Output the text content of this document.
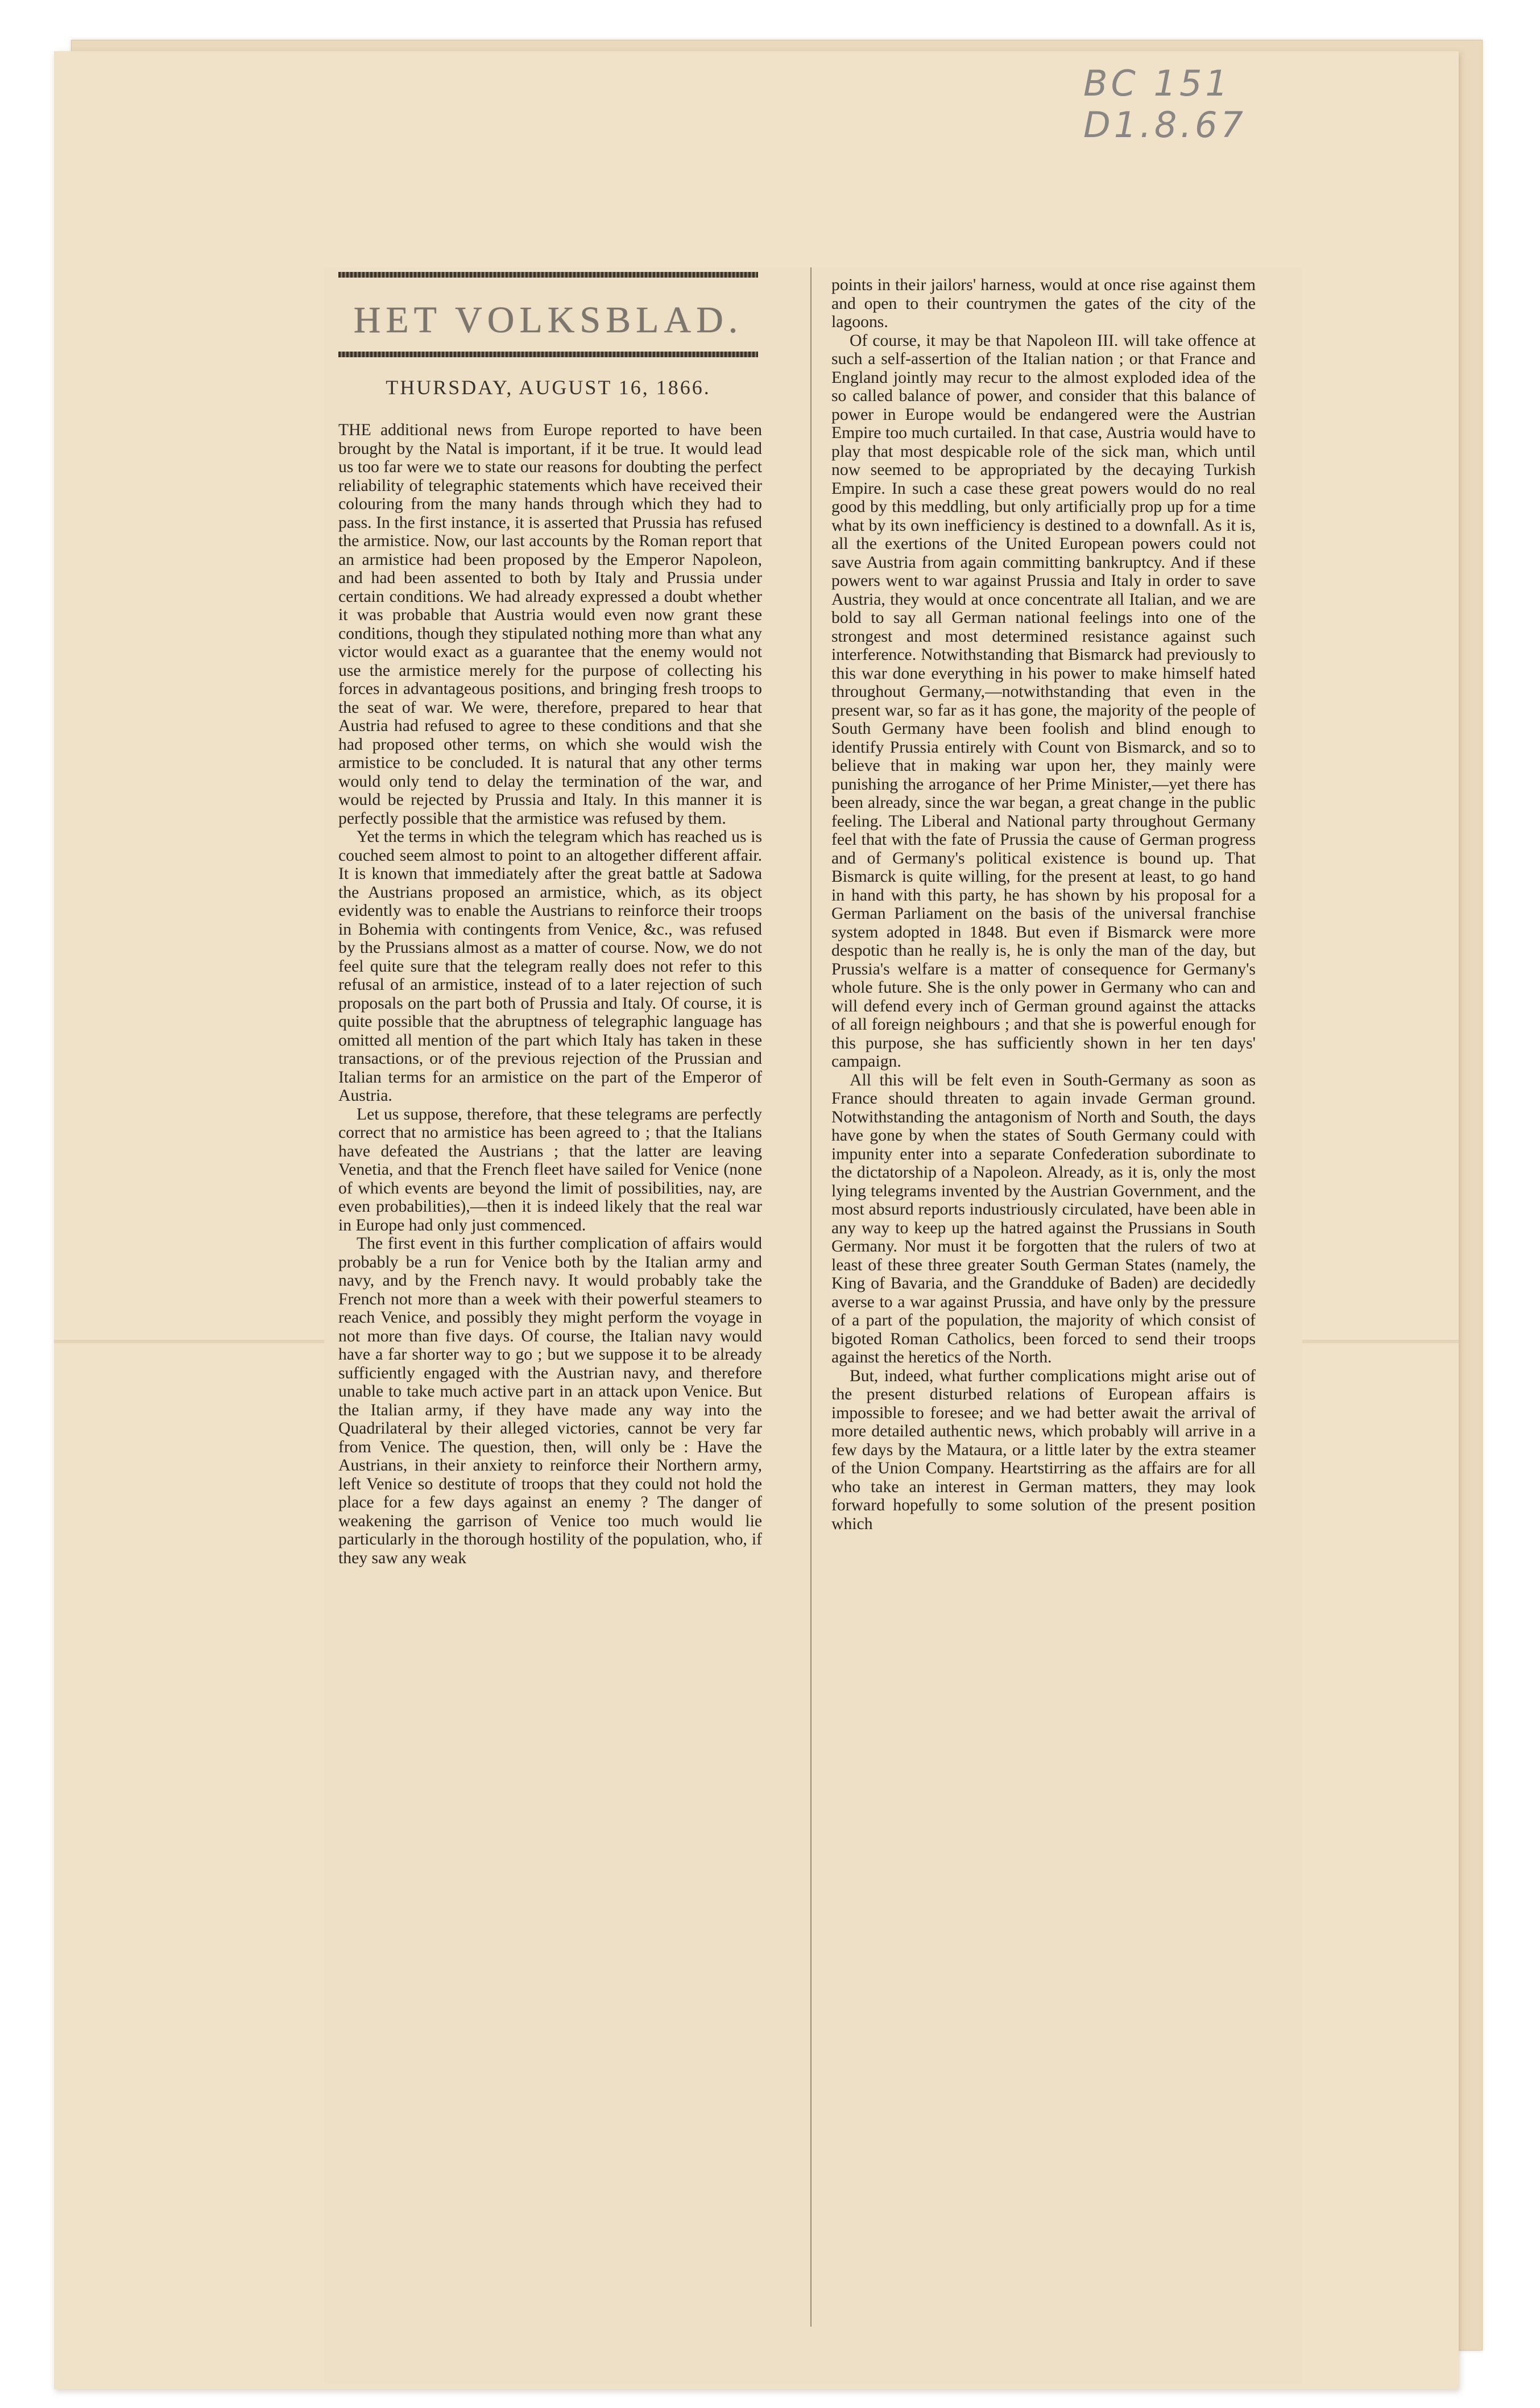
BC 151 D1.8.67
HET VOLKSBLAD.
THURSDAY, AUGUST 16, 1866.

THE additional news from Europe reported to have been brought by the Natal is important, if it be true. It would lead us too far were we to state our reasons for doubting the perfect reliability of telegraphic statements which have received their colouring from the many hands through which they had to pass. In the first instance, it is asserted that Prussia has refused the armistice. Now, our last accounts by the Roman report that an armistice had been proposed by the Emperor Napoleon, and had been assented to both by Italy and Prussia under certain conditions. We had already expressed a doubt whether it was probable that Austria would even now grant these conditions, though they stipulated nothing more than what any victor would exact as a guarantee that the enemy would not use the armistice merely for the purpose of collecting his forces in advantageous positions, and bringing fresh troops to the seat of war. We were, therefore, prepared to hear that Austria had refused to agree to these conditions and that she had proposed other terms, on which she would wish the armistice to be concluded. It is natural that any other terms would only tend to delay the termination of the war, and would be rejected by Prussia and Italy. In this manner it is perfectly possible that the armistice was refused by them.

Yet the terms in which the telegram which has reached us is couched seem almost to point to an altogether different affair. It is known that immediately after the great battle at Sadowa the Austrians proposed an armistice, which, as its object evidently was to enable the Austrians to reinforce their troops in Bohemia with contingents from Venice, &c., was refused by the Prussians almost as a matter of course. Now, we do not feel quite sure that the telegram really does not refer to this refusal of an armistice, instead of to a later rejection of such proposals on the part both of Prussia and Italy. Of course, it is quite possible that the abruptness of telegraphic language has omitted all mention of the part which Italy has taken in these transactions, or of the previous rejection of the Prussian and Italian terms for an armistice on the part of the Emperor of Austria.

Let us suppose, therefore, that these telegrams are perfectly correct that no armistice has been agreed to ; that the Italians have defeated the Austrians ; that the latter are leaving Venetia, and that the French fleet have sailed for Venice (none of which events are beyond the limit of possibilities, nay, are even probabilities),—then it is indeed likely that the real war in Europe had only just commenced.

The first event in this further complication of affairs would probably be a run for Venice both by the Italian army and navy, and by the French navy. It would probably take the French not more than a week with their powerful steamers to reach Venice, and possibly they might perform the voyage in not more than five days. Of course, the Italian navy would have a far shorter way to go ; but we suppose it to be already sufficiently engaged with the Austrian navy, and therefore unable to take much active part in an attack upon Venice. But the Italian army, if they have made any way into the Quadrilateral by their alleged victories, cannot be very far from Venice. The question, then, will only be : Have the Austrians, in their anxiety to reinforce their Northern army, left Venice so destitute of troops that they could not hold the place for a few days against an enemy ? The danger of weakening the garrison of Venice too much would lie particularly in the thorough hostility of the population, who, if they saw any weak

points in their jailors' harness, would at once rise against them and open to their countrymen the gates of the city of the lagoons.

Of course, it may be that Napoleon III. will take offence at such a self-assertion of the Italian nation ; or that France and England jointly may recur to the almost exploded idea of the so called balance of power, and consider that this balance of power in Europe would be endangered were the Austrian Empire too much curtailed. In that case, Austria would have to play that most despicable role of the sick man, which until now seemed to be appropriated by the decaying Turkish Empire. In such a case these great powers would do no real good by this meddling, but only artificially prop up for a time what by its own inefficiency is destined to a downfall. As it is, all the exertions of the United European powers could not save Austria from again committing bankruptcy. And if these powers went to war against Prussia and Italy in order to save Austria, they would at once concentrate all Italian, and we are bold to say all German national feelings into one of the strongest and most determined resistance against such interference. Notwithstanding that Bismarck had previously to this war done everything in his power to make himself hated throughout Germany,—notwithstanding that even in the present war, so far as it has gone, the majority of the people of South Germany have been foolish and blind enough to identify Prussia entirely with Count von Bismarck, and so to believe that in making war upon her, they mainly were punishing the arrogance of her Prime Minister,—yet there has been already, since the war began, a great change in the public feeling. The Liberal and National party throughout Germany feel that with the fate of Prussia the cause of German progress and of Germany's political existence is bound up. That Bismarck is quite willing, for the present at least, to go hand in hand with this party, he has shown by his proposal for a German Parliament on the basis of the universal franchise system adopted in 1848. But even if Bismarck were more despotic than he really is, he is only the man of the day, but Prussia's welfare is a matter of consequence for Germany's whole future. She is the only power in Germany who can and will defend every inch of German ground against the attacks of all foreign neighbours ; and that she is powerful enough for this purpose, she has sufficiently shown in her ten days' campaign.

All this will be felt even in South-Germany as soon as France should threaten to again invade German ground. Notwithstanding the antagonism of North and South, the days have gone by when the states of South Germany could with impunity enter into a separate Confederation subordinate to the dictatorship of a Napoleon. Already, as it is, only the most lying telegrams invented by the Austrian Government, and the most absurd reports industriously circulated, have been able in any way to keep up the hatred against the Prussians in South Germany. Nor must it be forgotten that the rulers of two at least of these three greater South German States (namely, the King of Bavaria, and the Grandduke of Baden) are decidedly averse to a war against Prussia, and have only by the pressure of a part of the population, the majority of which consist of bigoted Roman Catholics, been forced to send their troops against the heretics of the North.

But, indeed, what further complications might arise out of the present disturbed relations of European affairs is impossible to foresee; and we had better await the arrival of more detailed authentic news, which probably will arrive in a few days by the Mataura, or a little later by the extra steamer of the Union Company. Heartstirring as the affairs are for all who take an interest in German matters, they may look forward hopefully to some solution of the present position which
